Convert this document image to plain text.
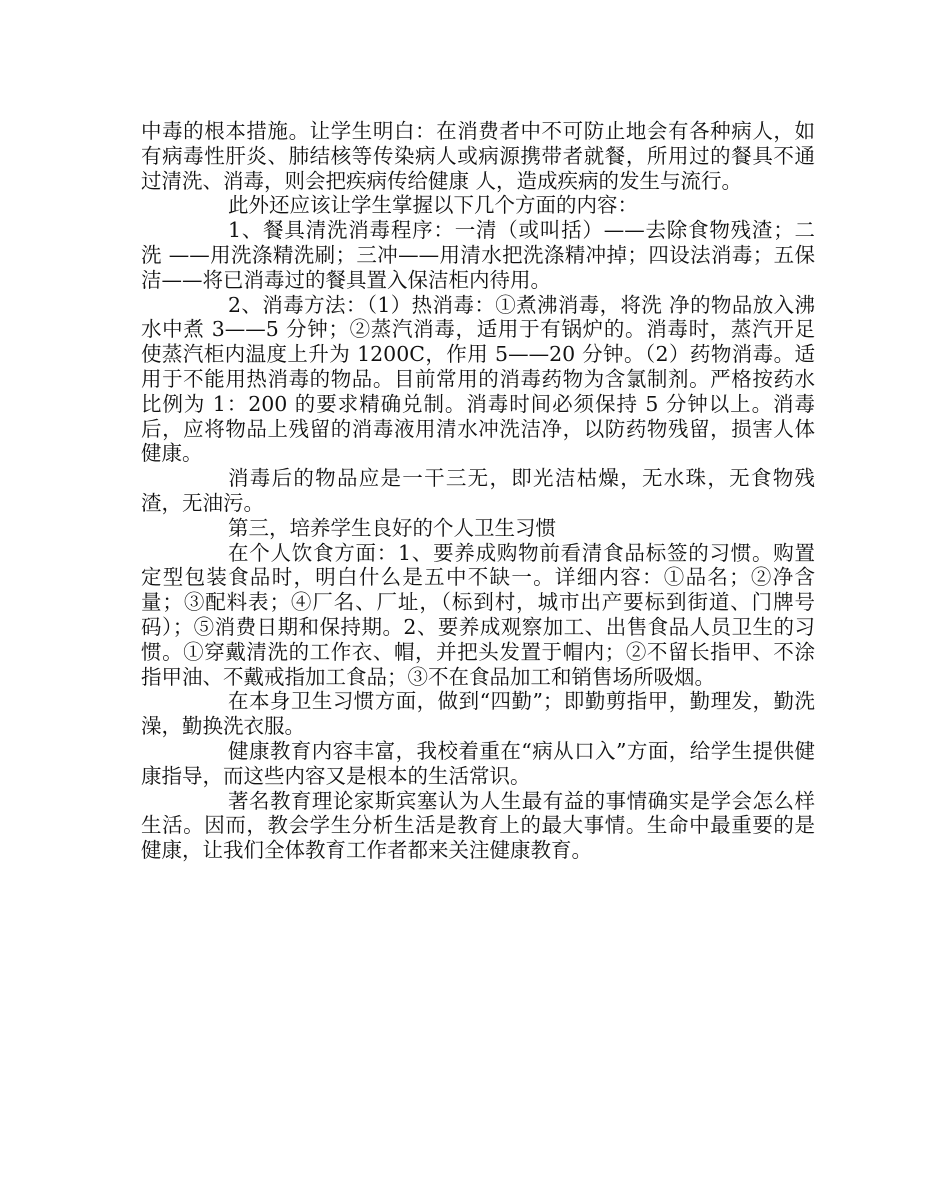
中毒的根本措施。让学生明白：在消费者中不可防止地会有各种病人，如有病毒性肝炎、肺结核等传染病人或病源携带者就餐，所用过的餐具不通过清洗、消毒，则会把疾病传给健康 人，造成疾病的发生与流行。

此外还应该让学生掌握以下几个方面的内容：

1、餐具清洗消毒程序：一清（或叫括）——去除食物残渣；二洗 ——用洗涤精洗刷；三冲——用清水把洗涤精冲掉；四设法消毒；五保洁——将已消毒过的餐具置入保洁柜内待用。

2、消毒方法：（1）热消毒：①煮沸消毒，将洗 净的物品放入沸水中煮 3——5 分钟；②蒸汽消毒，适用于有锅炉的。消毒时，蒸汽开足使蒸汽柜内温度上升为 1200C，作用 5——20 分钟。（2）药物消毒。适用于不能用热消毒的物品。目前常用的消毒药物为含氯制剂。严格按药水比例为 1：200 的要求精确兑制。消毒时间必须保持 5 分钟以上。消毒后，应将物品上残留的消毒液用清水冲洗洁净，以防药物残留，损害人体健康。

消毒后的物品应是一干三无，即光洁枯燥，无水珠，无食物残渣，无油污。

第三，培养学生良好的个人卫生习惯

在个人饮食方面：1、要养成购物前看清食品标签的习惯。购置定型包装食品时，明白什么是五中不缺一。详细内容：①品名；②净含量；③配料表；④厂名、厂址，（标到村，城市出产要标到街道、门牌号码）；⑤消费日期和保持期。2、要养成观察加工、出售食品人员卫生的习惯。①穿戴清洗的工作衣、帽，并把头发置于帽内；②不留长指甲、不涂指甲油、不戴戒指加工食品；③不在食品加工和销售场所吸烟。

在本身卫生习惯方面，做到“四勤”；即勤剪指甲，勤理发，勤洗澡，勤换洗衣服。

健康教育内容丰富，我校着重在“病从口入”方面，给学生提供健康指导，而这些内容又是根本的生活常识。

著名教育理论家斯宾塞认为人生最有益的事情确实是学会怎么样生活。因而，教会学生分析生活是教育上的最大事情。生命中最重要的是健康，让我们全体教育工作者都来关注健康教育。
